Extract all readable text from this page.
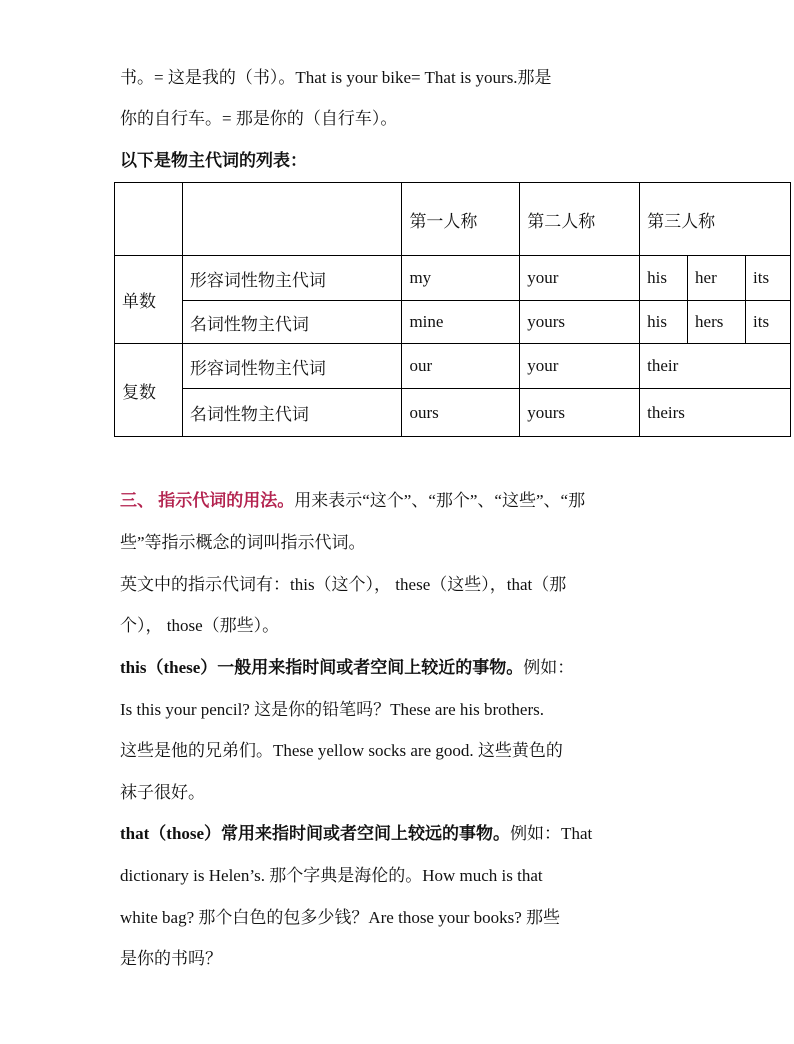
书。= 这是我的（书）。That is your bike= That is yours.那是
你的自行车。= 那是你的（自行车）。
以下是物主代词的列表：
		第一人称	第二人称	第三人称		
单数	形容词性物主代词	my	your	his	her	its
	名词性物主代词	mine	yours	his	hers	its
复数	形容词性物主代词	our	your	their		
	名词性物主代词	ours	yours	theirs		
三、 指示代词的用法。用来表示“这个”、“那个”、“这些”、“那
些”等指示概念的词叫指示代词。
英文中的指示代词有：this（这个）， these（这些），that（那
个）， those（那些）。
this（these）一般用来指时间或者空间上较近的事物。例如：
Is this your pencil? 这是你的铅笔吗？These are his brothers.
这些是他的兄弟们。These yellow socks are good. 这些黄色的
袜子很好。
that（those）常用来指时间或者空间上较远的事物。例如：That
dictionary is Helen’s. 那个字典是海伦的。How much is that
white bag? 那个白色的包多少钱？Are those your books? 那些
是你的书吗？
